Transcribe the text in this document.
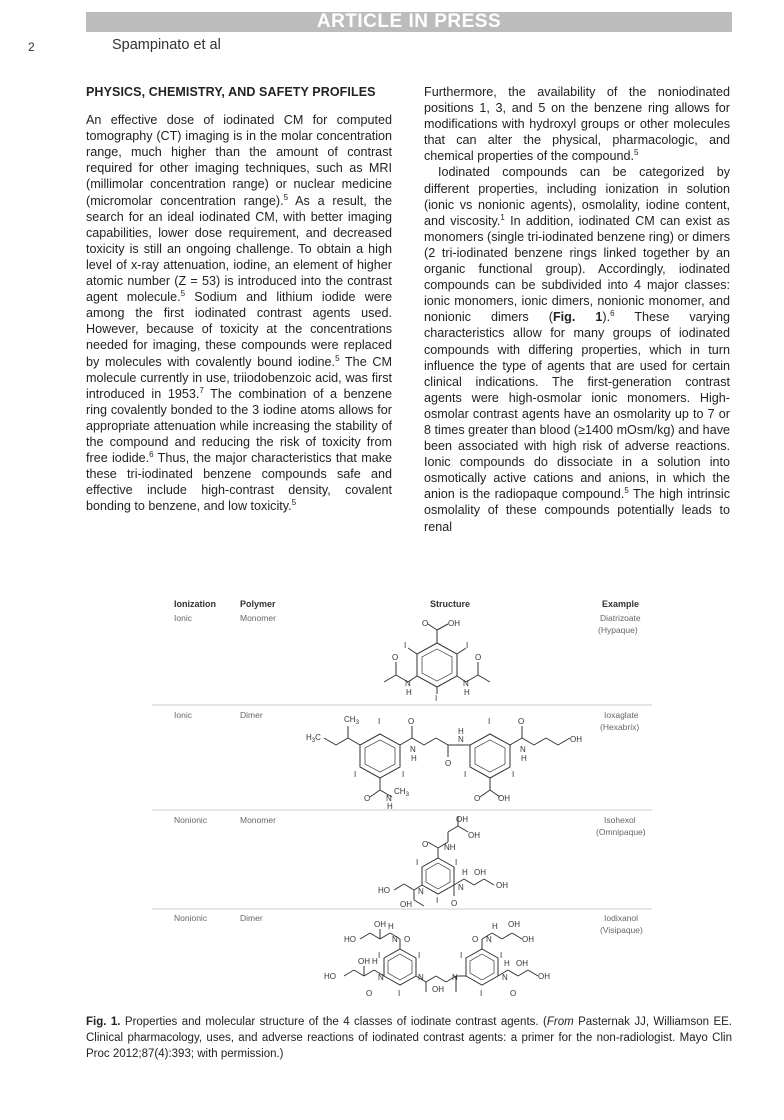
ARTICLE IN PRESS
2	Spampinato et al
PHYSICS, CHEMISTRY, AND SAFETY PROFILES

An effective dose of iodinated CM for computed tomography (CT) imaging is in the molar concentration range, much higher than the amount of contrast required for other imaging techniques, such as MRI (millimolar concentration range) or nuclear medicine (micromolar concentration range).$^5$ As a result, the search for an ideal iodinated CM, with better imaging capabilities, lower dose requirement, and decreased toxicity is still an ongoing challenge. To obtain a high level of x-ray attenuation, iodine, an element of higher atomic number (Z = 53) is introduced into the contrast agent molecule.$^5$ Sodium and lithium iodide were among the first iodinated contrast agents used. However, because of toxicity at the concentrations needed for imaging, these compounds were replaced by molecules with covalently bound iodine.$^5$ The CM molecule currently in use, triiodobenzoic acid, was first introduced in 1953.$^7$ The combination of a benzene ring covalently bonded to the 3 iodine atoms allows for appropriate attenuation while increasing the stability of the compound and reducing the risk of toxicity from free iodide.$^6$ Thus, the major characteristics that make these tri-iodinated benzene compounds safe and effective include high-contrast density, covalent bonding to benzene, and low toxicity.$^5$

Furthermore, the availability of the noniodinated positions 1, 3, and 5 on the benzene ring allows for modifications with hydroxyl groups or other molecules that can alter the physical, pharmacologic, and chemical properties of the compound.$^5$

Iodinated compounds can be categorized by different properties, including ionization in solution (ionic vs nonionic agents), osmolality, iodine content, and viscosity.$^1$ In addition, iodinated CM can exist as monomers (single tri-iodinated benzene ring) or dimers (2 tri-iodinated benzene rings linked together by an organic functional group). Accordingly, iodinated compounds can be subdivided into 4 major classes: ionic monomers, ionic dimers, nonionic monomer, and nonionic dimers (Fig. 1).$^6$ These varying characteristics allow for many groups of iodinated compounds with differing properties, which in turn influence the type of agents that are used for certain clinical indications. The first-generation contrast agents were high-osmolar ionic monomers. High-osmolar contrast agents have an osmolarity up to 7 or 8 times greater than blood (≥1400 mOsm/kg) and have been associated with high risk of adverse reactions. Ionic compounds do dissociate in a solution into osmotically active cations and anions, in which the anion is the radiopaque compound.$^5$ The high intrinsic osmolality of these compounds potentially leads to renal

Ionization	Polymer	Structure	Example
Ionic	Monomer	Diatrizoate
(Hypaque)
Ionic	Dimer	Ioxaglate
(Hexabrix)
Nonionic	Monomer	Isohexol
(Omnipaque)
Nonionic	Dimer	Iodixanol
(Visipaque)
O OH
I	I
O	O
N	N
H	H
I
$CH_3$
$H_3C$
I	O
N
H
O
H
N
I	O
N
H
OH
I	I	I	I
O N
$CH_3$
H
O OH
OH
OH
O NH
I	I
H OH
N	OH
HO	N
I
OH	O
OH H
HO	N O
H OH
O N	OH
OH H
I	I	I	I
H OH
HO	N	N	N	N	OH
OH
O	I	I	O
Fig. 1. Properties and molecular structure of the 4 classes of iodinate contrast agents. (From Pasternak JJ, Williamson EE. Clinical pharmacology, uses, and adverse reactions of iodinated contrast agents: a primer for the non-radiologist. Mayo Clin Proc 2012;87(4):393; with permission.)
